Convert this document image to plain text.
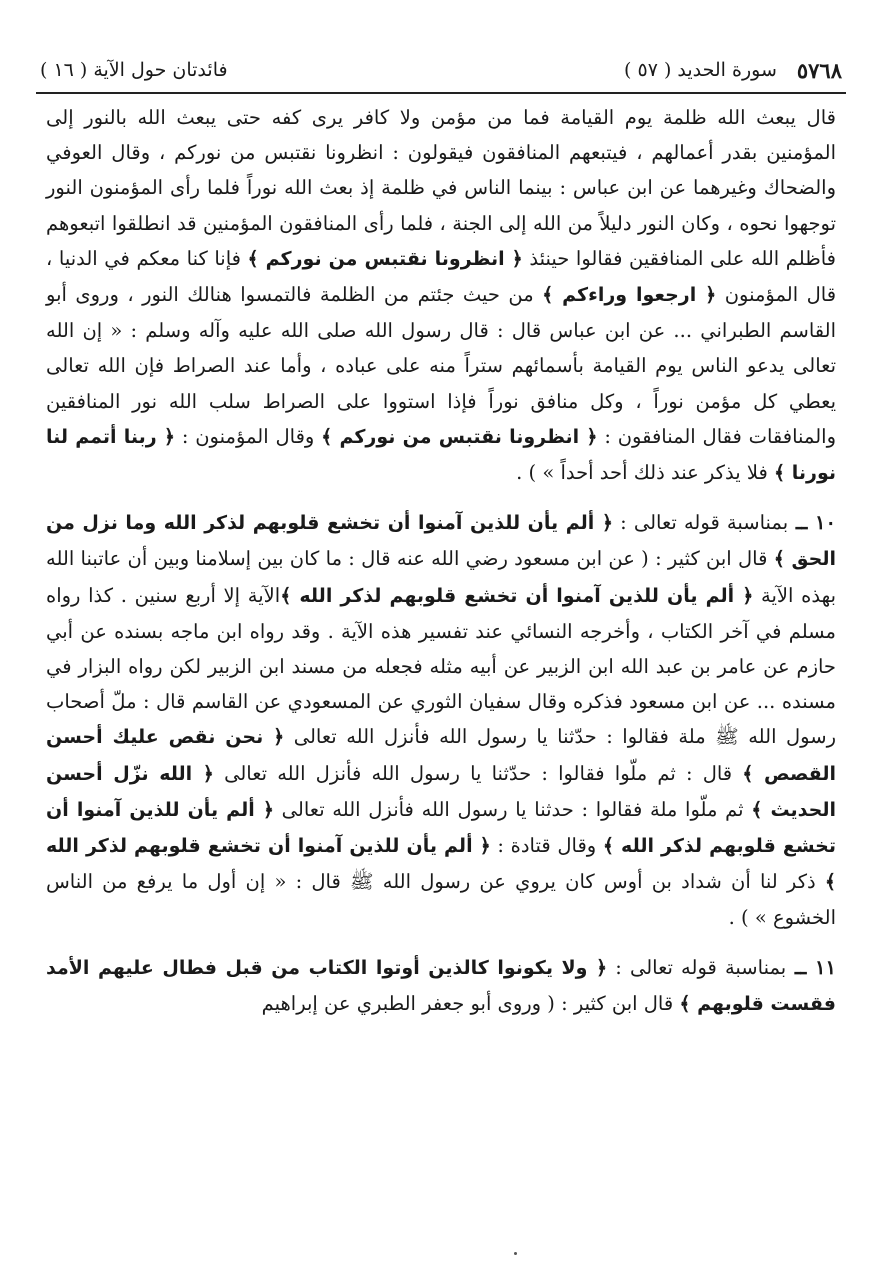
٥٧٦٨
سورة الحديد ( ٥٧ )
فائدتان حول الآية ( ١٦ )

قال يبعث الله ظلمة يوم القيامة فما من مؤمن ولا كافر يرى كفه حتى يبعث الله بالنور إلى المؤمنين بقدر أعمالهم ، فيتبعهم المنافقون فيقولون : انظرونا نقتبس من نوركم ، وقال العوفي والضحاك وغيرهما عن ابن عباس : بينما الناس في ظلمة إذ بعث الله نوراً فلما رأى المؤمنون النور توجهوا نحوه ، وكان النور دليلاً من الله إلى الجنة ، فلما رأى المنافقون المؤمنين قد انطلقوا اتبعوهم فأظلم الله على المنافقين فقالوا حينئذ ﴿ انظرونا نقتبس من نوركم ﴾ فإنا كنا معكم في الدنيا ، قال المؤمنون ﴿ ارجعوا وراءكم ﴾ من حيث جئتم من الظلمة فالتمسوا هنالك النور ، وروى أبو القاسم الطبراني ... عن ابن عباس قال : قال رسول الله صلى الله عليه وآله وسلم : « إن الله تعالى يدعو الناس يوم القيامة بأسمائهم ستراً منه على عباده ، وأما عند الصراط فإن الله تعالى يعطي كل مؤمن نوراً ، وكل منافق نوراً فإذا استووا على الصراط سلب الله نور المنافقين والمنافقات فقال المنافقون : ﴿ انظرونا نقتبس من نوركم ﴾ وقال المؤمنون : ﴿ ربنا أتمم لنا نورنا ﴾ فلا يذكر عند ذلك أحد أحداً » ) .

١٠ ــ بمناسبة قوله تعالى : ﴿ ألم يأن للذين آمنوا أن تخشع قلوبهم لذكر الله وما نزل من الحق ﴾ قال ابن كثير : ( عن ابن مسعود رضي الله عنه قال : ما كان بين إسلامنا وبين أن عاتبنا الله بهذه الآية ﴿ ألم يأن للذين آمنوا أن تخشع قلوبهم لذكر الله ﴾الآية إلا أربع سنين . كذا رواه مسلم في آخر الكتاب ، وأخرجه النسائي عند تفسير هذه الآية . وقد رواه ابن ماجه بسنده عن أبي حازم عن عامر بن عبد الله ابن الزبير عن أبيه مثله فجعله من مسند ابن الزبير لكن رواه البزار في مسنده ... عن ابن مسعود فذكره وقال سفيان الثوري عن المسعودي عن القاسم قال : ملّ أصحاب رسول الله ﷺ ملة فقالوا : حدّثنا يا رسول الله فأنزل الله تعالى ﴿ نحن نقص عليك أحسن القصص ﴾ قال : ثم ملّوا فقالوا : حدّثنا يا رسول الله فأنزل الله تعالى ﴿ الله نزّل أحسن الحديث ﴾ ثم ملّوا ملة فقالوا : حدثنا يا رسول الله فأنزل الله تعالى ﴿ ألم يأن للذين آمنوا أن تخشع قلوبهم لذكر الله ﴾ وقال قتادة : ﴿ ألم يأن للذين آمنوا أن تخشع قلوبهم لذكر الله ﴾ ذكر لنا أن شداد بن أوس كان يروي عن رسول الله ﷺ قال : « إن أول ما يرفع من الناس الخشوع » ) .

١١ ــ بمناسبة قوله تعالى : ﴿ ولا يكونوا كالذين أوتوا الكتاب من قبل فطال عليهم الأمد فقست قلوبهم ﴾ قال ابن كثير : ( وروى أبو جعفر الطبري عن إبراهيم
